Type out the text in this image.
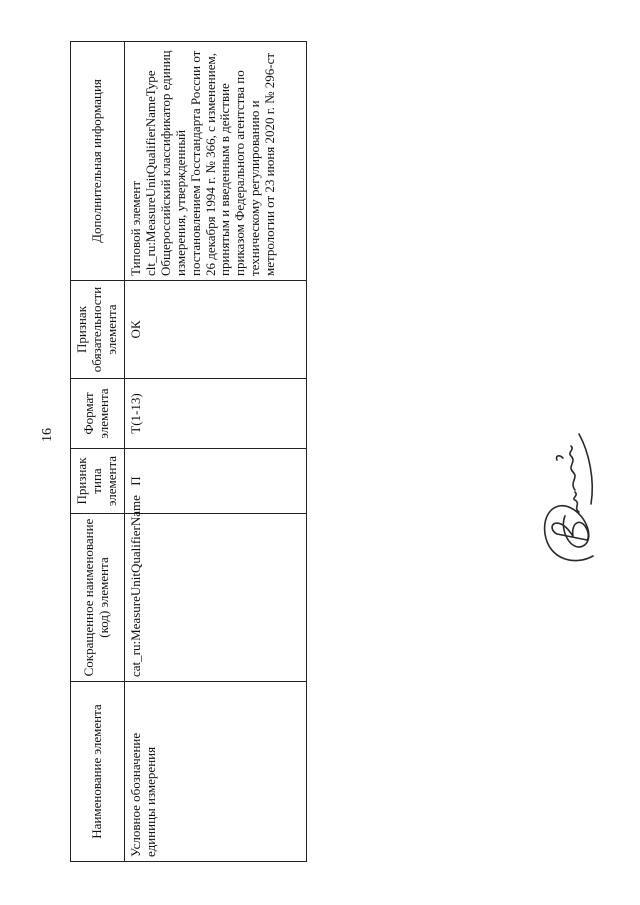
16
Наименование элемента	Сокращенное наименование (код) элемента	Признак типа элемента	Формат элемента	Признак обязательности элемента	Дополнительная информация
Условное обозначение единицы измерения	cat_ru:MeasureUnitQualifierName	П	T(1-13)	ОК	Типовой элемент clt_ru:MeasureUnitQualifierNameType Общероссийский классификатор единиц измерения, утвержденный постановлением Госстандарта России от 26 декабря 1994 г. № 366, с изменением, принятым и введенным в действие приказом Федерального агентства по техническому регулированию и метрологии от 23 июня 2020 г. № 296-ст
